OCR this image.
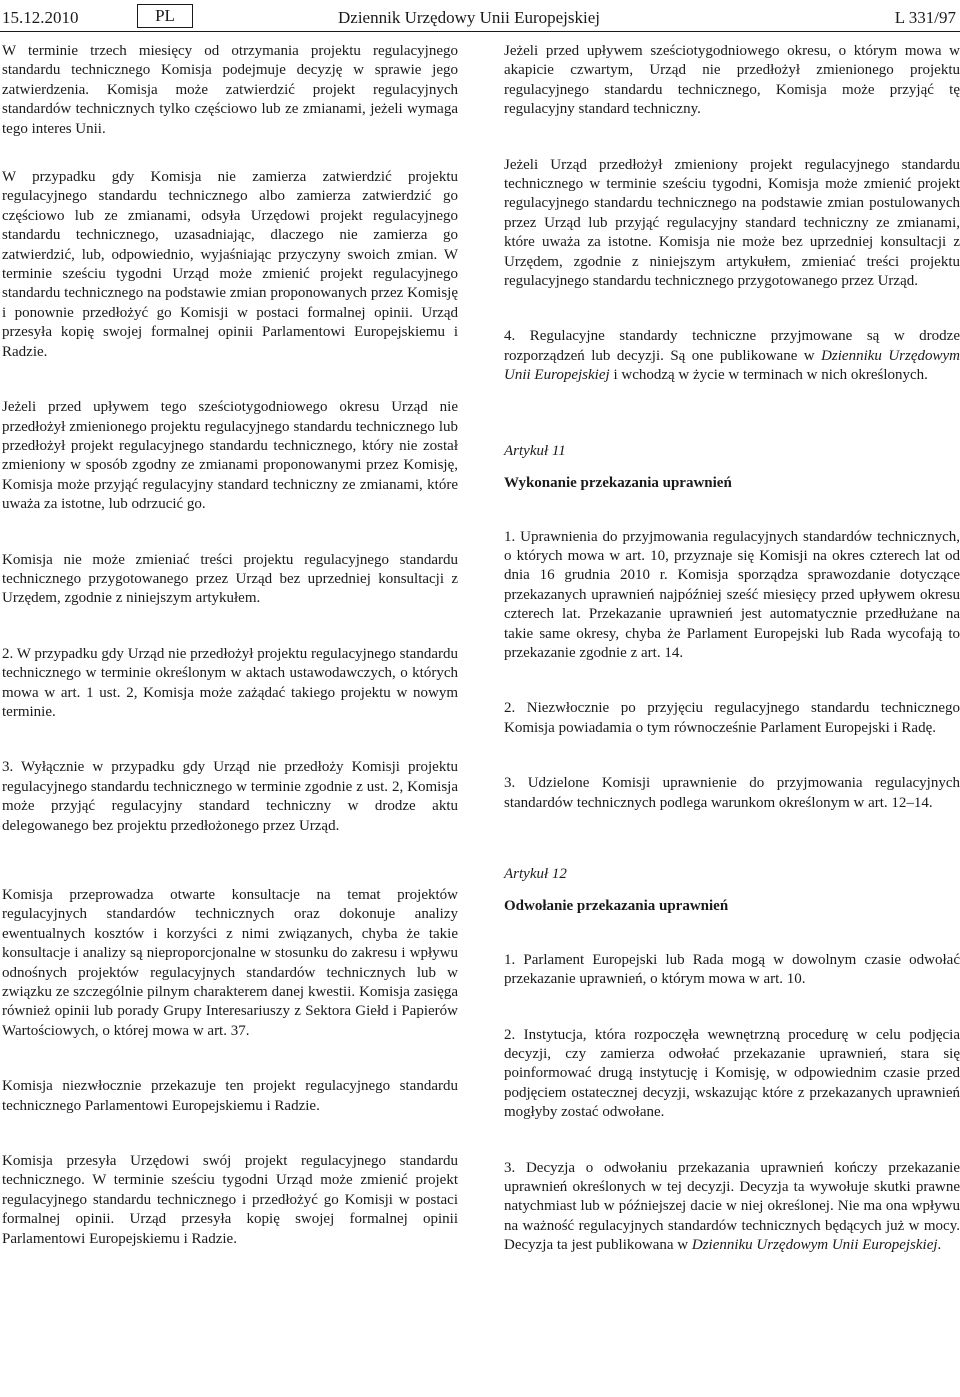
15.12.2010	PL	Dziennik Urzędowy Unii Europejskiej	L 331/97

W terminie trzech miesięcy od otrzymania projektu regulacyjnego standardu technicznego Komisja podejmuje decyzję w sprawie jego zatwierdzenia. Komisja może zatwierdzić projekt regulacyjnych standardów technicznych tylko częściowo lub ze zmianami, jeżeli wymaga tego interes Unii.

W przypadku gdy Komisja nie zamierza zatwierdzić projektu regulacyjnego standardu technicznego albo zamierza zatwierdzić go częściowo lub ze zmianami, odsyła Urzędowi projekt regulacyjnego standardu technicznego, uzasadniając, dlaczego nie zamierza go zatwierdzić, lub, odpowiednio, wyjaśniając przyczyny swoich zmian. W terminie sześciu tygodni Urząd może zmienić projekt regulacyjnego standardu technicznego na podstawie zmian proponowanych przez Komisję i ponownie przedłożyć go Komisji w postaci formalnej opinii. Urząd przesyła kopię swojej formalnej opinii Parlamentowi Europejskiemu i Radzie.

Jeżeli przed upływem tego sześciotygodniowego okresu Urząd nie przedłożył zmienionego projektu regulacyjnego standardu technicznego lub przedłożył projekt regulacyjnego standardu technicznego, który nie został zmieniony w sposób zgodny ze zmianami proponowanymi przez Komisję, Komisja może przyjąć regulacyjny standard techniczny ze zmianami, które uważa za istotne, lub odrzucić go.

Komisja nie może zmieniać treści projektu regulacyjnego standardu technicznego przygotowanego przez Urząd bez uprzedniej konsultacji z Urzędem, zgodnie z niniejszym artykułem.

2. W przypadku gdy Urząd nie przedłożył projektu regulacyjnego standardu technicznego w terminie określonym w aktach ustawodawczych, o których mowa w art. 1 ust. 2, Komisja może zażądać takiego projektu w nowym terminie.

3. Wyłącznie w przypadku gdy Urząd nie przedłoży Komisji projektu regulacyjnego standardu technicznego w terminie zgodnie z ust. 2, Komisja może przyjąć regulacyjny standard techniczny w drodze aktu delegowanego bez projektu przedłożonego przez Urząd.

Komisja przeprowadza otwarte konsultacje na temat projektów regulacyjnych standardów technicznych oraz dokonuje analizy ewentualnych kosztów i korzyści z nimi związanych, chyba że takie konsultacje i analizy są nieproporcjonalne w stosunku do zakresu i wpływu odnośnych projektów regulacyjnych standardów technicznych lub w związku ze szczególnie pilnym charakterem danej kwestii. Komisja zasięga również opinii lub porady Grupy Interesariuszy z Sektora Giełd i Papierów Wartościowych, o której mowa w art. 37.

Komisja niezwłocznie przekazuje ten projekt regulacyjnego standardu technicznego Parlamentowi Europejskiemu i Radzie.

Komisja przesyła Urzędowi swój projekt regulacyjnego standardu technicznego. W terminie sześciu tygodni Urząd może zmienić projekt regulacyjnego standardu technicznego i przedłożyć go Komisji w postaci formalnej opinii. Urząd przesyła kopię swojej formalnej opinii Parlamentowi Europejskiemu i Radzie.

Jeżeli przed upływem sześciotygodniowego okresu, o którym mowa w akapicie czwartym, Urząd nie przedłożył zmienionego projektu regulacyjnego standardu technicznego, Komisja może przyjąć tę regulacyjny standard techniczny.

Jeżeli Urząd przedłożył zmieniony projekt regulacyjnego standardu technicznego w terminie sześciu tygodni, Komisja może zmienić projekt regulacyjnego standardu technicznego na podstawie zmian postulowanych przez Urząd lub przyjąć regulacyjny standard techniczny ze zmianami, które uważa za istotne. Komisja nie może bez uprzedniej konsultacji z Urzędem, zgodnie z niniejszym artykułem, zmieniać treści projektu regulacyjnego standardu technicznego przygotowanego przez Urząd.

4. Regulacyjne standardy techniczne przyjmowane są w drodze rozporządzeń lub decyzji. Są one publikowane w Dzienniku Urzędowym Unii Europejskiej i wchodzą w życie w terminach w nich określonych.

Artykuł 11

Wykonanie przekazania uprawnień

1. Uprawnienia do przyjmowania regulacyjnych standardów technicznych, o których mowa w art. 10, przyznaje się Komisji na okres czterech lat od dnia 16 grudnia 2010 r. Komisja sporządza sprawozdanie dotyczące przekazanych uprawnień najpóźniej sześć miesięcy przed upływem okresu czterech lat. Przekazanie uprawnień jest automatycznie przedłużane na takie same okresy, chyba że Parlament Europejski lub Rada wycofają to przekazanie zgodnie z art. 14.

2. Niezwłocznie po przyjęciu regulacyjnego standardu technicznego Komisja powiadamia o tym równocześnie Parlament Europejski i Radę.

3. Udzielone Komisji uprawnienie do przyjmowania regulacyjnych standardów technicznych podlega warunkom określonym w art. 12–14.

Artykuł 12

Odwołanie przekazania uprawnień

1. Parlament Europejski lub Rada mogą w dowolnym czasie odwołać przekazanie uprawnień, o którym mowa w art. 10.

2. Instytucja, która rozpoczęła wewnętrzną procedurę w celu podjęcia decyzji, czy zamierza odwołać przekazanie uprawnień, stara się poinformować drugą instytucję i Komisję, w odpowiednim czasie przed podjęciem ostatecznej decyzji, wskazując które z przekazanych uprawnień mogłyby zostać odwołane.

3. Decyzja o odwołaniu przekazania uprawnień kończy przekazanie uprawnień określonych w tej decyzji. Decyzja ta wywołuje skutki prawne natychmiast lub w późniejszej dacie w niej określonej. Nie ma ona wpływu na ważność regulacyjnych standardów technicznych będących już w mocy. Decyzja ta jest publikowana w Dzienniku Urzędowym Unii Europejskiej.
